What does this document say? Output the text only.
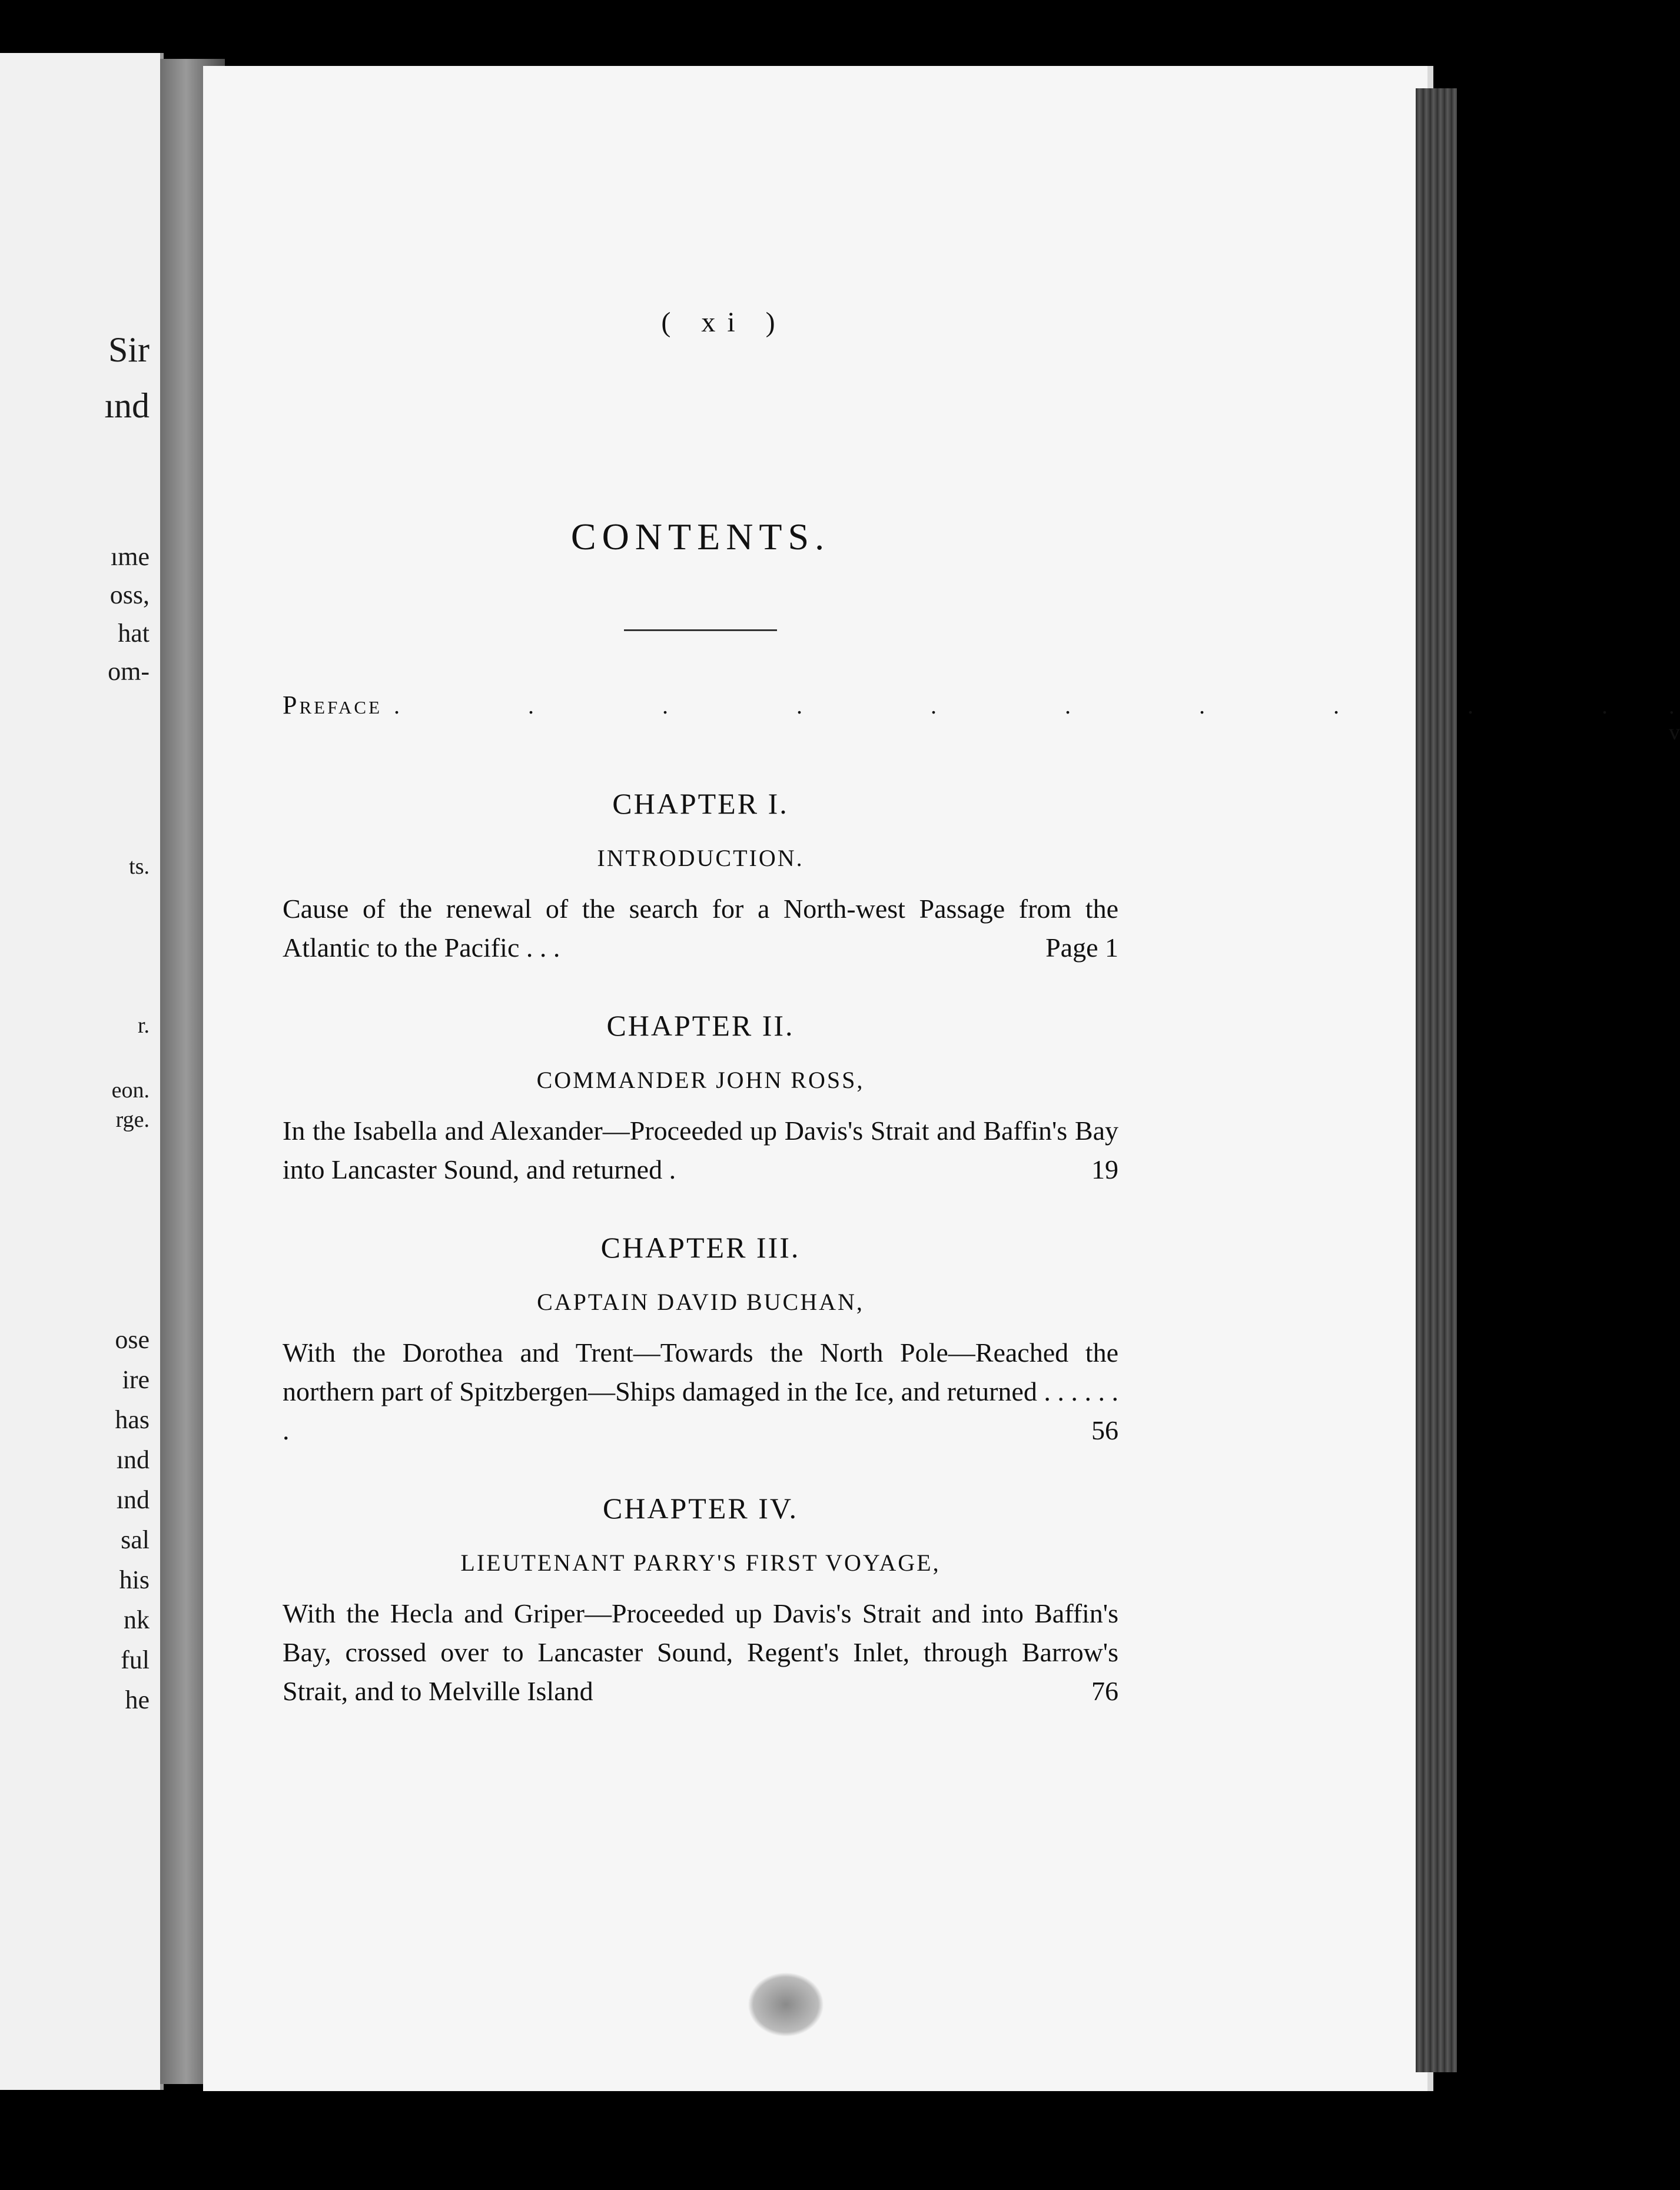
Sir
ınd
ıme
oss,
hat
om-
ts.
r.
eon.
rge.
ose
ire
has
ınd
ınd
sal
his
nk
ful
he
( xi )
CONTENTS.
Preface . . . . . . . . . . . v
CHAPTER I.
INTRODUCTION.
Cause of the renewal of the search for a North-west Passage from the Atlantic to the Pacific . . .	Page 1
CHAPTER II.
COMMANDER JOHN ROSS,
In the Isabella and Alexander—Proceeded up Davis's Strait and Baffin's Bay into Lancaster Sound, and returned .	19
CHAPTER III.
CAPTAIN DAVID BUCHAN,
With the Dorothea and Trent—Towards the North Pole—Reached the northern part of Spitzbergen—Ships damaged in the Ice, and returned . . . . . . .	56
CHAPTER IV.
LIEUTENANT PARRY'S FIRST VOYAGE,
With the Hecla and Griper—Proceeded up Davis's Strait and into Baffin's Bay, crossed over to Lancaster Sound, Regent's Inlet, through Barrow's Strait, and to Melville Island	76
